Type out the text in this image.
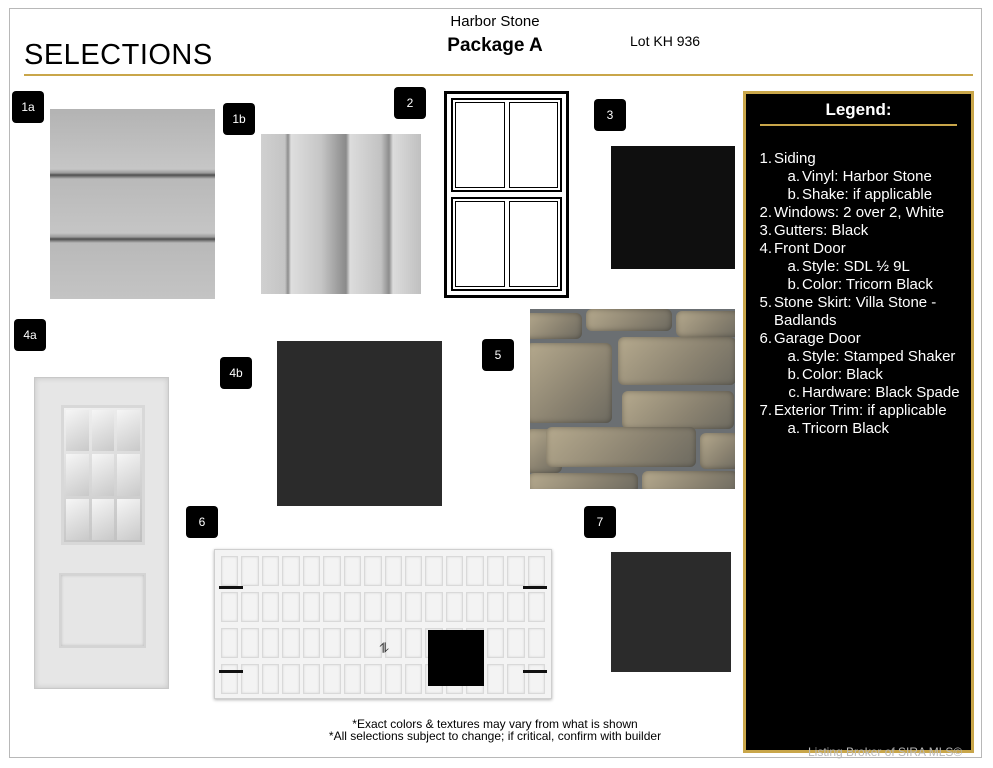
SELECTIONS
Harbor Stone
Package A	Lot KH 936
1a
1b
2
3
4a
4b
5
6
⥮
7
Legend:
1. Siding
a. Vinyl: Harbor Stone
b. Shake: if applicable
2. Windows: 2 over 2, White
3. Gutters: Black
4. Front Door
a. Style: SDL ½ 9L
b. Color: Tricorn Black
5. Stone Skirt: Villa Stone - Badlands
6. Garage Door
a. Style: Stamped Shaker
b. Color: Black
c. Hardware: Black Spade
7. Exterior Trim: if applicable
a. Tricorn Black
*Exact colors & textures may vary from what is shown
*All selections subject to change; if critical, confirm with builder
Listing Broker of SIRA MLS©
